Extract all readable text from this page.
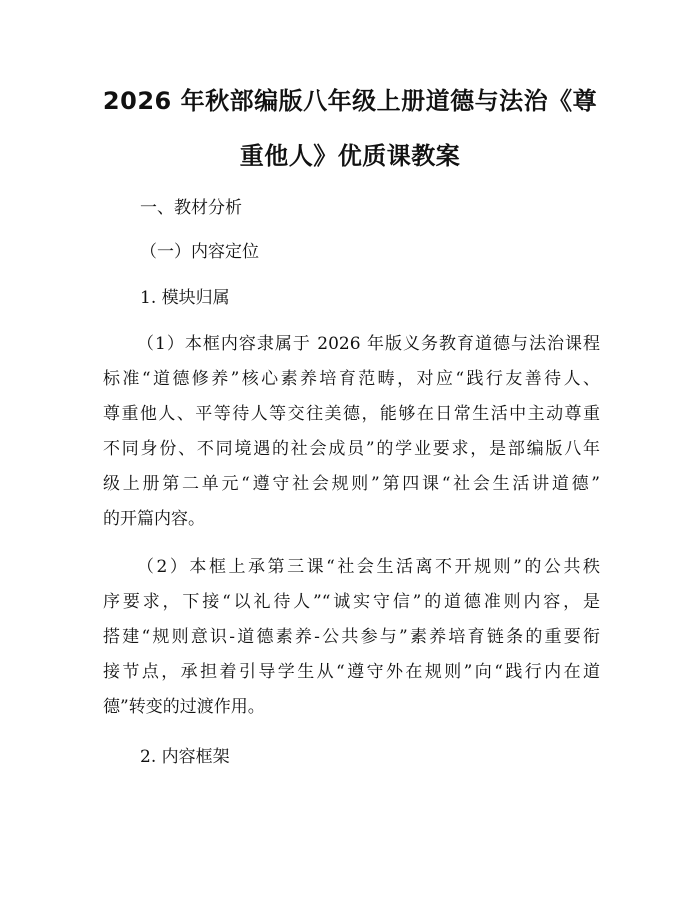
2026 年秋部编版八年级上册道德与法治《尊
重他人》优质课教案

一、教材分析

（一）内容定位

1. 模块归属

（1）本框内容隶属于 2026 年版义务教育道德与法治课程
标准“道德修养”核心素养培育范畴，对应“践行友善待人、
尊重他人、平等待人等交往美德，能够在日常生活中主动尊重
不同身份、不同境遇的社会成员”的学业要求，是部编版八年
级上册第二单元“遵守社会规则”第四课“社会生活讲道德”
的开篇内容。
（2）本框上承第三课“社会生活离不开规则”的公共秩
序要求，下接“以礼待人”“诚实守信”的道德准则内容，是
搭建“规则意识-道德素养-公共参与”素养培育链条的重要衔
接节点，承担着引导学生从“遵守外在规则”向“践行内在道
德”转变的过渡作用。

2. 内容框架
